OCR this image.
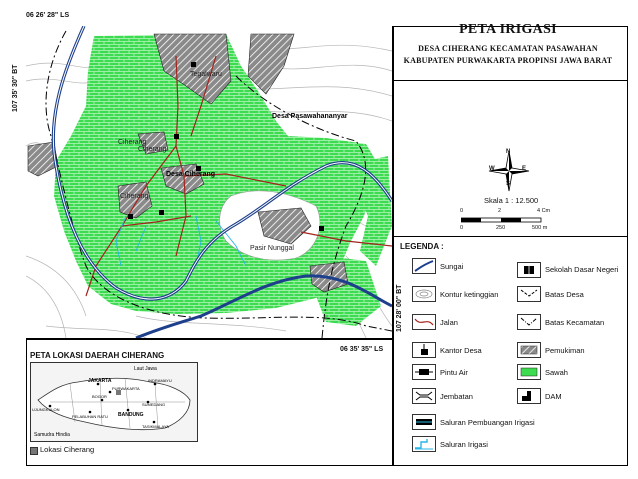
06 26' 28" LS
107 35' 30" BT
06 35' 35" LS
107 28' 00" BT
Desa Pasawahananyar
Desa Ciherang
Ciherang
Ciherang
Tegalwaru
Ciherang
Pasir Nunggal
PETA IRIGASI
DESA CIHERANG KECAMATAN PASAWAHAN
KABUPATEN PURWAKARTA PROPINSI JAWA BARAT
N
S
E
W
Skala 1 : 12.500
0	2	4 Cm
0	250	500 m
LEGENDA :
Sungai	Sekolah Dasar Negeri
Kontur ketinggian	Batas Desa
Jalan	Batas Kecamatan
Kantor Desa	Pemukiman
Pintu Air	Sawah
Jembatan	DAM
Saluran Pembuangan Irigasi
Saluran Irigasi
PETA LOKASI DAERAH CIHERANG
Laut Jawa
JAKARTA	INDRAMAYU
PURWAKARTA
BOGOR
SUMEDANG
UJUNGKULON
PELABUHAN RATU BANDUNG
TASIKMALAYA
Samudra Hindia
Lokasi Ciherang
